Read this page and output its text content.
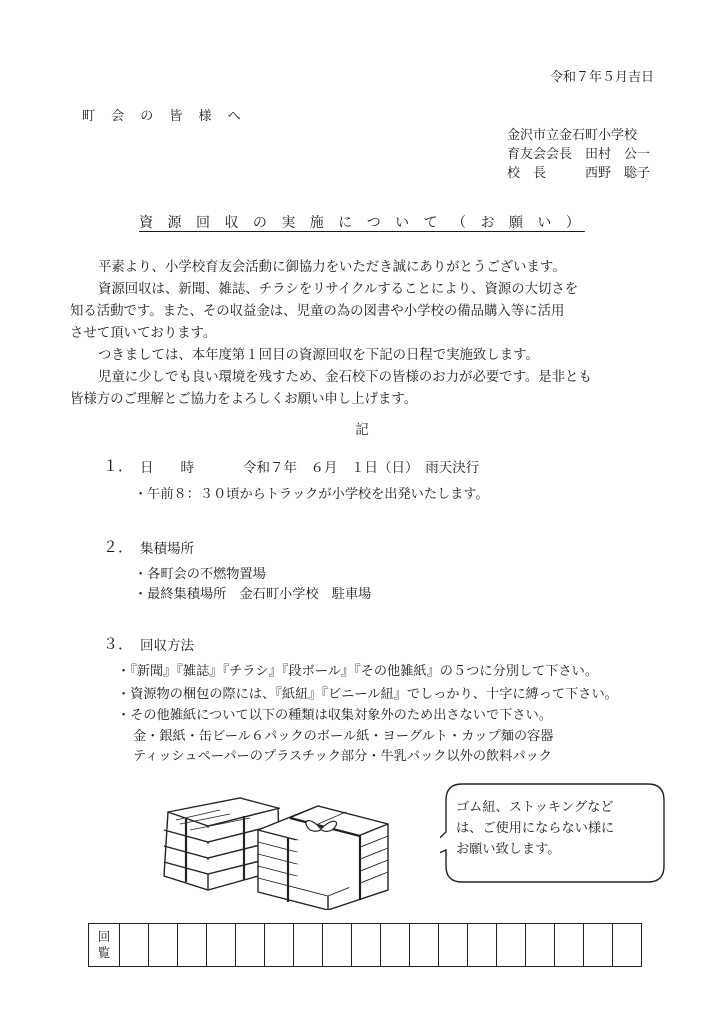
令和７年５月吉日
町 会 の 皆 様 へ
金沢市立金石町小学校
育友会会長　田村　公一
校　長　　　西野　聡子
資 源 回 収 の 実 施 に つ い て （ お 願 い ）

平素より、小学校育友会活動に御協力をいただき誠にありがとうございます。

資源回収は、新聞、雑誌、チラシをリサイクルすることにより、資源の大切さを

知る活動です。また、その収益金は、児童の為の図書や小学校の備品購入等に活用

させて頂いております。

つきましては、本年度第１回目の資源回収を下記の日程で実施致します。

児童に少しでも良い環境を残すため、金石校下の皆様のお力が必要です。是非とも

皆様方のご理解とご協力をよろしくお願い申し上げます。

記
１． 日　　時	令和７年　６月　１日（日）　雨天決行
・午前８：３０頃からトラックが小学校を出発いたします。
２． 集積場所
・各町会の不燃物置場
・最終集積場所　金石町小学校　駐車場
３． 回収方法
・『新聞』『雑誌』『チラシ』『段ボール』『その他雑紙』の５つに分別して下さい。
・資源物の梱包の際には、『紙紐』『ビニール紐』でしっかり、十字に縛って下さい。
・その他雑紙について以下の種類は収集対象外のため出さないで下さい。
金・銀紙・缶ビール６パックのボール紙・ヨーグルト・カップ麺の容器
ティッシュペーパーのプラスチック部分・牛乳パック以外の飲料パック

ゴム紐、ストッキングなど

は、ご使用にならない様に

お願い致します。

回
覧																		
